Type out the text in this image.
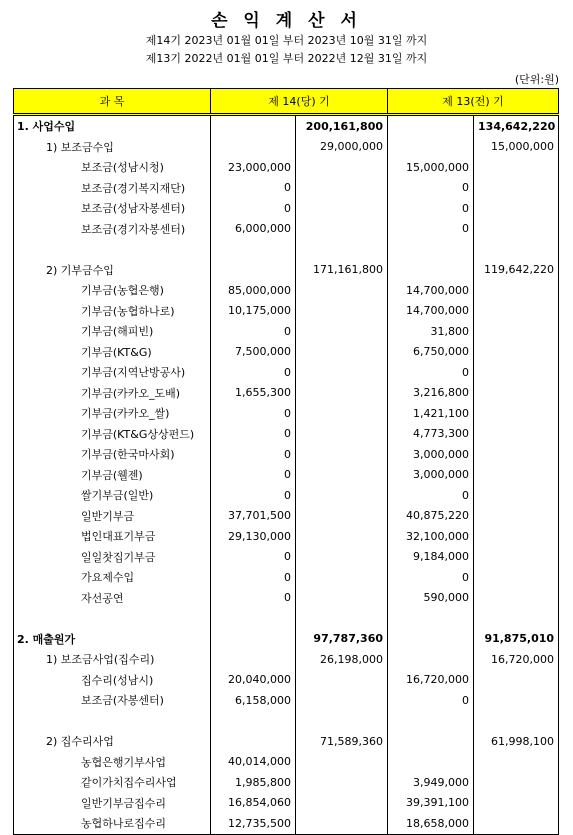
손 익 계 산 서
제14기 2023년 01월 01일 부터 2023년 10월 31일 까지
제13기 2022년 01월 01일 부터 2022년 12월 31일 까지
(단위:원)
과 목	제 14(당) 기		제 13(전) 기	
1. 사업수입		200,161,800		134,642,220
1) 보조금수입		29,000,000		15,000,000
보조금(성남시청)	23,000,000		15,000,000	
보조금(경기복지재단)	0		0	
보조금(성남자봉센터)	0		0	
보조금(경기자봉센터)	6,000,000		0	

2) 기부금수입		171,161,800		119,642,220
기부금(농협은행)	85,000,000		14,700,000	
기부금(농협하나로)	10,175,000		14,700,000	
기부금(해피빈)	0		31,800	
기부금(KT&G)	7,500,000		6,750,000	
기부금(지역난방공사)	0		0	
기부금(카카오_도배)	1,655,300		3,216,800	
기부금(카카오_쌀)	0		1,421,100	
기부금(KT&G상상펀드)	0		4,773,300	
기부금(한국마사회)	0		3,000,000	
기부금(웰젠)	0		3,000,000	
쌀기부금(일반)	0		0	
일반기부금	37,701,500		40,875,220	
법인대표기부금	29,130,000		32,100,000	
일일찻집기부금	0		9,184,000	
가요제수입	0		0	
자선공연	0		590,000	

2. 매출원가		97,787,360		91,875,010
1) 보조금사업(집수리)		26,198,000		16,720,000
집수리(성남시)	20,040,000		16,720,000	
보조금(자봉센터)	6,158,000		0	

2) 집수리사업		71,589,360		61,998,100
농협은행기부사업	40,014,000			
같이가치집수리사업	1,985,800		3,949,000	
일반기부금집수리	16,854,060		39,391,100	
농협하나로집수리	12,735,500		18,658,000	
